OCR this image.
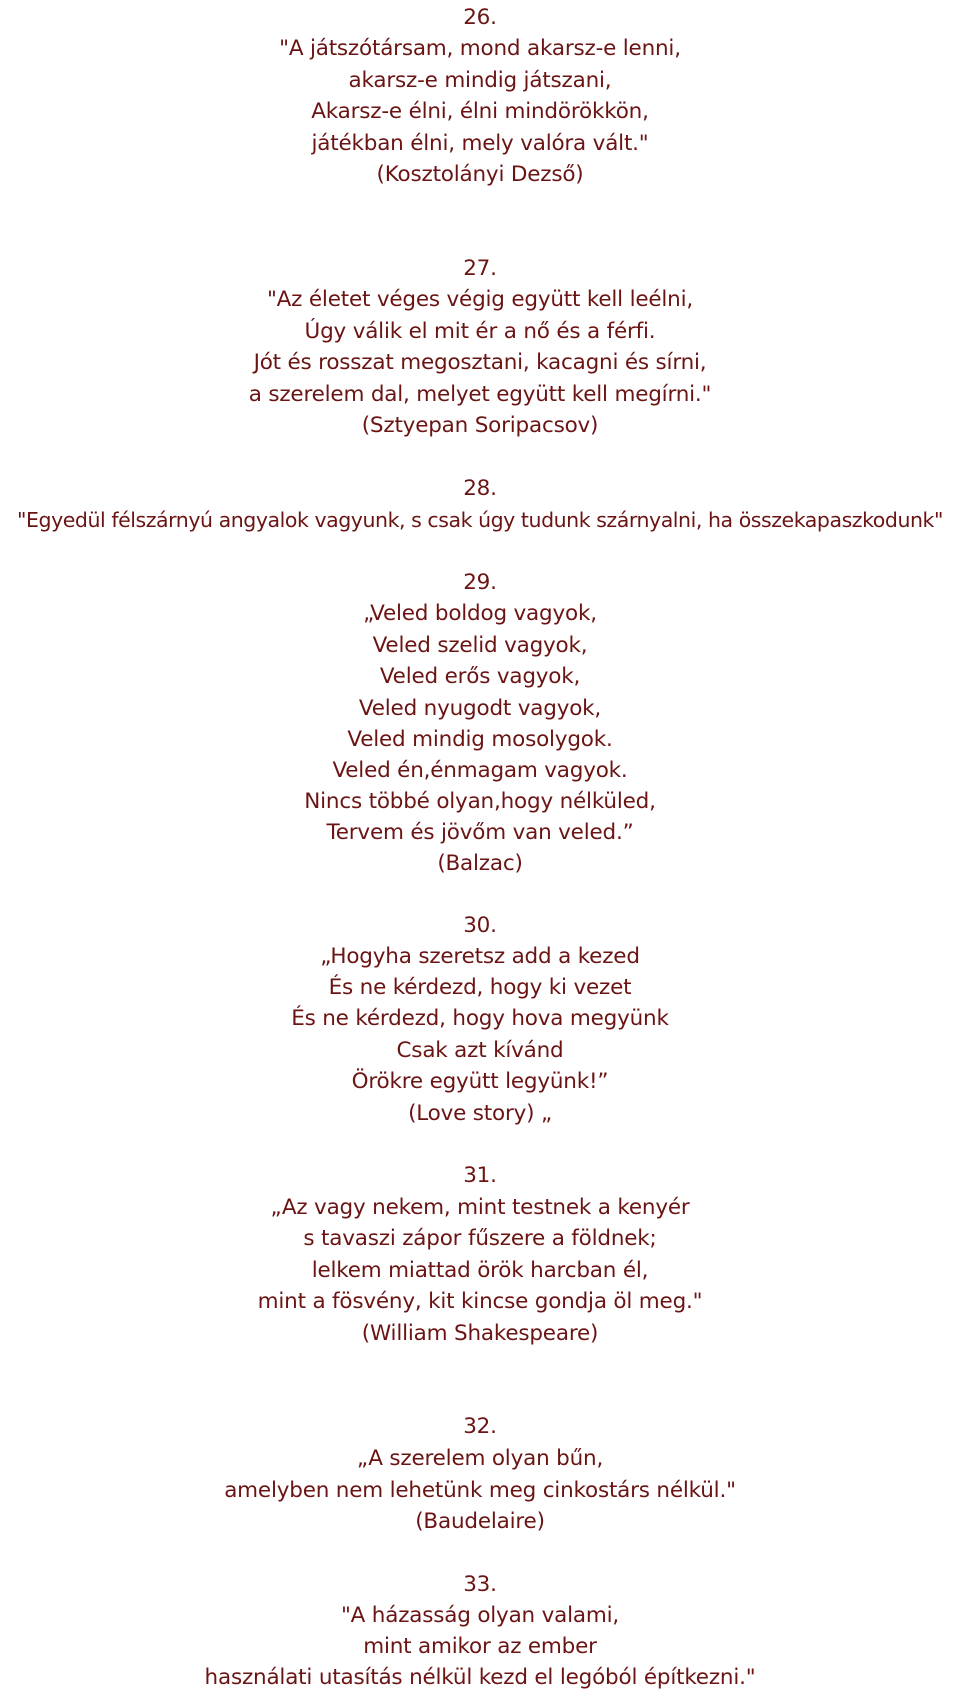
26.
"A játszótársam, mond akarsz-e lenni,
akarsz-e mindig játszani,
Akarsz-e élni, élni mindörökkön,
játékban élni, mely valóra vált."
(Kosztolányi Dezső)
27.
"Az életet véges végig együtt kell leélni,
Úgy válik el mit ér a nő és a férfi.
Jót és rosszat megosztani, kacagni és sírni,
a szerelem dal, melyet együtt kell megírni."
(Sztyepan Soripacsov)
28.
"Egyedül félszárnyú angyalok vagyunk, s csak úgy tudunk szárnyalni, ha összekapaszkodunk"
29.
„Veled boldog vagyok,
Veled szelid vagyok,
Veled erős vagyok,
Veled nyugodt vagyok,
Veled mindig mosolygok.
Veled én,énmagam vagyok.
Nincs többé olyan,hogy nélküled,
Tervem és jövőm van veled.”
(Balzac)
30.
„Hogyha szeretsz add a kezed
És ne kérdezd, hogy ki vezet
És ne kérdezd, hogy hova megyünk
Csak azt kívánd
Örökre együtt legyünk!”
(Love story) „
31.
„Az vagy nekem, mint testnek a kenyér
s tavaszi zápor fűszere a földnek;
lelkem miattad örök harcban él,
mint a fösvény, kit kincse gondja öl meg."
(William Shakespeare)
32.
„A szerelem olyan bűn,
amelyben nem lehetünk meg cinkostárs nélkül."
(Baudelaire)
33.
"A házasság olyan valami,
mint amikor az ember
használati utasítás nélkül kezd el legóból építkezni."
